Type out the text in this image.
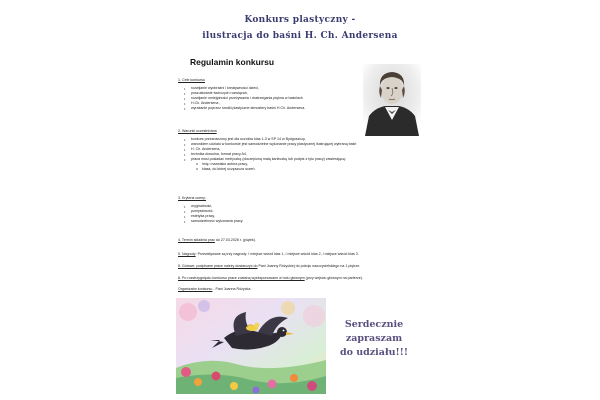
Konkurs plastyczny -
ilustracja do baśni H. Ch. Andersena
Regulamin konkursu
1. Cele konkursu
• rozwijanie wyobraźni i kreatywności dzieci,
• poszukiwanie twórczych rozwiązań,
• rozwijanie umiejętności przeżywania i dostrzegania piękna w baśniach
• H.Ch. Andersena ,
• wyrażanie poprzez środki plastyczne atmosfery baśni H.Ch. Andersena.
2. Warunki uczestnictwa
• konkurs przeznaczony jest dla uczniów klas 1-3 w SP 14 w Bydgoszczy,
• warunkiem udziału w konkursie jest samodzielne wykonanie pracy plastycznej ilustrującej wybraną baśń
• H. Ch. Andersena,
• technika dowolna, format pracy A4,
• praca musi posiadać metryczkę (doczepioną małą karteczkę lub podpis z tyłu pracy) zawierającą:
o imię i nazwisko autora pracy,
o klasa, do której uczęszcza uczeń.
3. Kryteria oceny:
• oryginalność,
• pomysłowość,
• estetyka pracy,
• samodzielność wykonania pracy.
4. Termin składnia prac do 27.03.2026 r. (piątek).
5. Nagrody: Przewidywane są trzy nagrody: I miejsce wśród klas 1, I miejsce wśród klas 2, I miejsce wśród klas 3.
6. Gotowe, podpisane prace należy dostarczyć do Pani Joanny Różyckiej do pokoju nauczycielskiego na 1 piętrze.
8. Po rozstrzygnięciu konkursu prace zostaną wyeksponowane w holu głównym (przy wejściu głównym na parterze).
Organizator konkursu - Pani Joanna Różycka.
Serdecznie
zapraszam
do udziału!!!
